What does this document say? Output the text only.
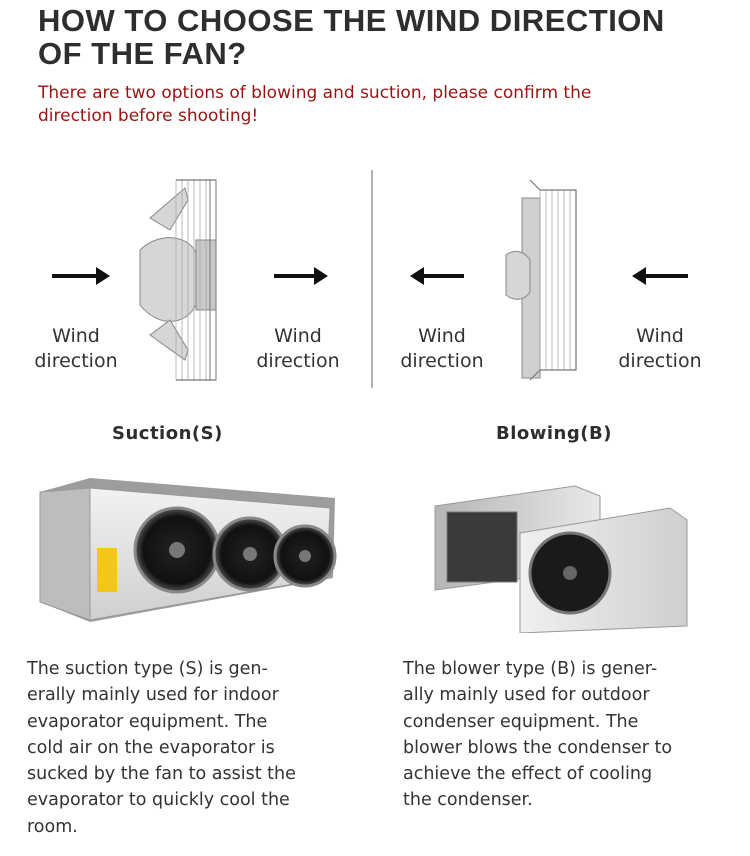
HOW TO CHOOSE THE WIND DIRECTION
OF THE FAN?

There are two options of blowing and suction, please confirm the
direction before shooting!

Wind
direction
Wind
direction
Wind
direction
Wind
direction
Suction(S)	Blowing(B)

The suction type (S) is gen-
erally mainly used for indoor
evaporator equipment. The
cold air on the evaporator is
sucked by the fan to assist the
evaporator to quickly cool the
room.

The blower type (B) is gener-
ally mainly used for outdoor
condenser equipment. The
blower blows the condenser to
achieve the effect of cooling
the condenser.
